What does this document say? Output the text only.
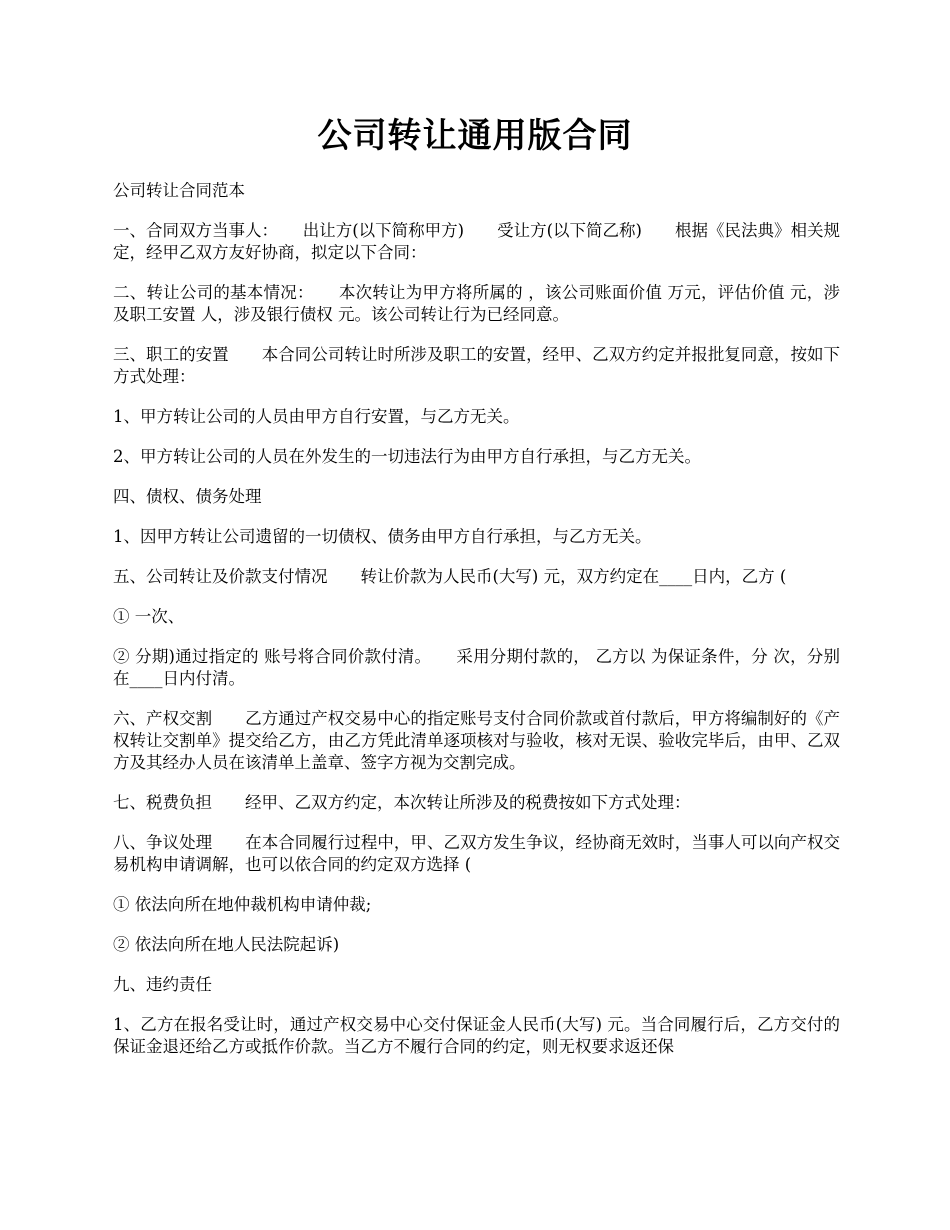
公司转让通用版合同

公司转让合同范本

一、合同双方当事人：　　出让方(以下简称甲方)　　受让方(以下简乙称)　　根据《民法典》相关规定，经甲乙双方友好协商，拟定以下合同：

二、转让公司的基本情况：　　本次转让为甲方将所属的 ，该公司账面价值 万元，评估价值 元，涉及职工安置 人，涉及银行债权 元。该公司转让行为已经同意。

三、职工的安置　　本合同公司转让时所涉及职工的安置，经甲、乙双方约定并报批复同意，按如下方式处理：

1、甲方转让公司的人员由甲方自行安置，与乙方无关。

2、甲方转让公司的人员在外发生的一切违法行为由甲方自行承担，与乙方无关。

四、债权、债务处理

1、因甲方转让公司遗留的一切债权、债务由甲方自行承担，与乙方无关。

五、公司转让及价款支付情况　　转让价款为人民币(大写) 元，双方约定在____日内，乙方 (

① 一次、

② 分期)通过指定的 账号将合同价款付清。　　采用分期付款的， 乙方以 为保证条件，分 次，分别在____日内付清。

六、产权交割　　乙方通过产权交易中心的指定账号支付合同价款或首付款后，甲方将编制好的《产权转让交割单》提交给乙方，由乙方凭此清单逐项核对与验收，核对无误、验收完毕后，由甲、乙双方及其经办人员在该清单上盖章、签字方视为交割完成。

七、税费负担　　经甲、乙双方约定，本次转让所涉及的税费按如下方式处理：

八、争议处理　　在本合同履行过程中，甲、乙双方发生争议，经协商无效时，当事人可以向产权交易机构申请调解，也可以依合同的约定双方选择 (

① 依法向所在地仲裁机构申请仲裁;

② 依法向所在地人民法院起诉)

九、违约责任

1、乙方在报名受让时，通过产权交易中心交付保证金人民币(大写) 元。当合同履行后，乙方交付的保证金退还给乙方或抵作价款。当乙方不履行合同的约定，则无权要求返还保
